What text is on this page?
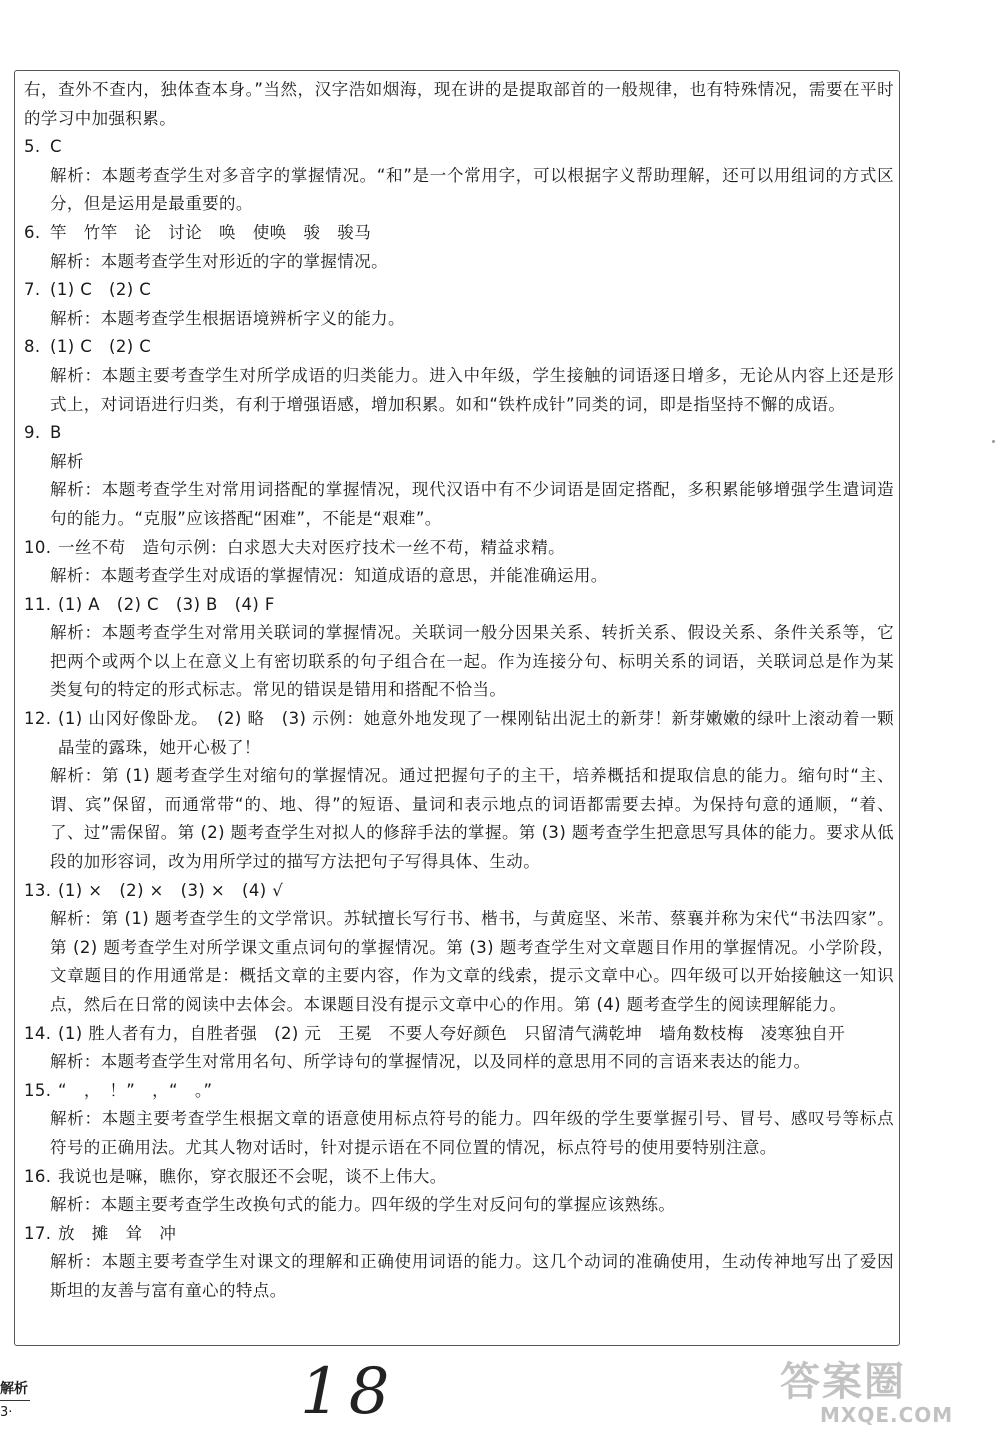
右，查外不查内，独体查本身。”当然，汉字浩如烟海，现在讲的是提取部首的一般规律，也有特殊情况，需要在平时的学习中加强积累。

5. C

解析：本题考查学生对多音字的掌握情况。“和”是一个常用字，可以根据字义帮助理解，还可以用组词的方式区分，但是运用是最重要的。

6. 竿　竹竿　论　讨论　唤　使唤　骏　骏马

解析：本题考查学生对形近的字的掌握情况。

7. (1) C　(2) C

解析：本题考查学生根据语境辨析字义的能力。

8. (1) C　(2) C

解析：本题主要考查学生对所学成语的归类能力。进入中年级，学生接触的词语逐日增多，无论从内容上还是形式上，对词语进行归类，有利于增强语感，增加积累。如和“铁杵成针”同类的词，即是指坚持不懈的成语。

9. B

解析

解析：本题考查学生对常用词搭配的掌握情况，现代汉语中有不少词语是固定搭配，多积累能够增强学生遣词造句的能力。“克服”应该搭配“困难”，不能是“艰难”。

10. 一丝不苟　造句示例：白求恩大夫对医疗技术一丝不苟，精益求精。

解析：本题考查学生对成语的掌握情况：知道成语的意思，并能准确运用。

11. (1) A　(2) C　(3) B　(4) F

解析：本题考查学生对常用关联词的掌握情况。关联词一般分因果关系、转折关系、假设关系、条件关系等，它把两个或两个以上在意义上有密切联系的句子组合在一起。作为连接分句、标明关系的词语，关联词总是作为某类复句的特定的形式标志。常见的错误是错用和搭配不恰当。

12. (1) 山冈好像卧龙。　(2) 略　(3) 示例：她意外地发现了一棵刚钻出泥土的新芽！新芽嫩嫩的绿叶上滚动着一颗晶莹的露珠，她开心极了！

解析：第 (1) 题考查学生对缩句的掌握情况。通过把握句子的主干，培养概括和提取信息的能力。缩句时“主、谓、宾”保留，而通常带“的、地、得”的短语、量词和表示地点的词语都需要去掉。为保持句意的通顺，“着、了、过”需保留。第 (2) 题考查学生对拟人的修辞手法的掌握。第 (3) 题考查学生把意思写具体的能力。要求从低段的加形容词，改为用所学过的描写方法把句子写得具体、生动。

13. (1) ×　(2) ×　(3) ×　(4) √

解析：第 (1) 题考查学生的文学常识。苏轼擅长写行书、楷书，与黄庭坚、米芾、蔡襄并称为宋代“书法四家”。第 (2) 题考查学生对所学课文重点词句的掌握情况。第 (3) 题考查学生对文章题目作用的掌握情况。小学阶段，文章题目的作用通常是：概括文章的主要内容，作为文章的线索，提示文章中心。四年级可以开始接触这一知识点，然后在日常的阅读中去体会。本课题目没有提示文章中心的作用。第 (4) 题考查学生的阅读理解能力。

14. (1) 胜人者有力，自胜者强　(2) 元　王冕　不要人夸好颜色　只留清气满乾坤　墙角数枝梅　凌寒独自开

解析：本题考查学生对常用名句、所学诗句的掌握情况，以及同样的意思用不同的言语来表达的能力。

15. “　，　！”　，“　。”

解析：本题主要考查学生根据文章的语意使用标点符号的能力。四年级的学生要掌握引号、冒号、感叹号等标点符号的正确用法。尤其人物对话时，针对提示语在不同位置的情况，标点符号的使用要特别注意。

16. 我说也是嘛，瞧你，穿衣服还不会呢，谈不上伟大。

解析：本题主要考查学生改换句式的能力。四年级的学生对反问句的掌握应该熟练。

17. 放　摊　耸　冲

解析：本题主要考查学生对课文的理解和正确使用词语的能力。这几个动词的准确使用，生动传神地写出了爱因斯坦的友善与富有童心的特点。

解析
3·	18	答案圈
MXQE.COM
